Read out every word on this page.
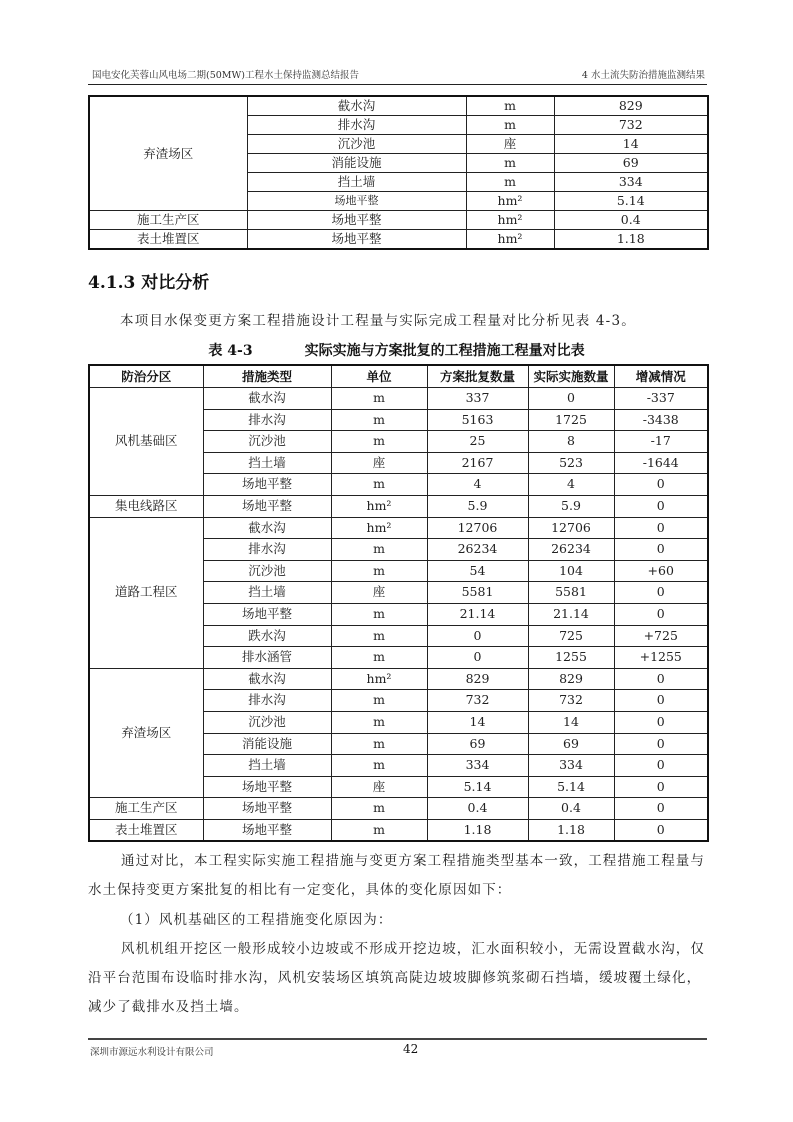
国电安化芙蓉山风电场二期(50MW)工程水土保持监测总结报告	4 水土流失防治措施监测结果
弃渣场区	截水沟	m	829
	排水沟	m	732
	沉沙池	座	14
	消能设施	m	69
	挡土墙	m	334
	场地平整	hm²	5.14
施工生产区	场地平整	hm²	0.4
表土堆置区	场地平整	hm²	1.18
4.1.3 对比分析
本项目水保变更方案工程措施设计工程量与实际完成工程量对比分析见表 4-3。
表 4-3	实际实施与方案批复的工程措施工程量对比表
防治分区	措施类型	单位	方案批复数量	实际实施数量	增减情况
风机基础区	截水沟	m	337	0	-337
	排水沟	m	5163	1725	-3438
	沉沙池	m	25	8	-17
	挡土墙	座	2167	523	-1644
	场地平整	m	4	4	0
集电线路区	场地平整	hm²	5.9	5.9	0
道路工程区	截水沟	hm²	12706	12706	0
	排水沟	m	26234	26234	0
	沉沙池	m	54	104	+60
	挡土墙	座	5581	5581	0
	场地平整	m	21.14	21.14	0
	跌水沟	m	0	725	+725
	排水涵管	m	0	1255	+1255
弃渣场区	截水沟	hm²	829	829	0
	排水沟	m	732	732	0
	沉沙池	m	14	14	0
	消能设施	m	69	69	0
	挡土墙	m	334	334	0
	场地平整	座	5.14	5.14	0
施工生产区	场地平整	m	0.4	0.4	0
表土堆置区	场地平整	m	1.18	1.18	0
通过对比，本工程实际实施工程措施与变更方案工程措施类型基本一致，工程措施工程量与水土保持变更方案批复的相比有一定变化，具体的变化原因如下：
（1）风机基础区的工程措施变化原因为：
风机机组开挖区一般形成较小边坡或不形成开挖边坡，汇水面积较小，无需设置截水沟，仅沿平台范围布设临时排水沟，风机安装场区填筑高陡边坡坡脚修筑浆砌石挡墙，缓坡覆土绿化，减少了截排水及挡土墙。
深圳市源远水利设计有限公司	42
